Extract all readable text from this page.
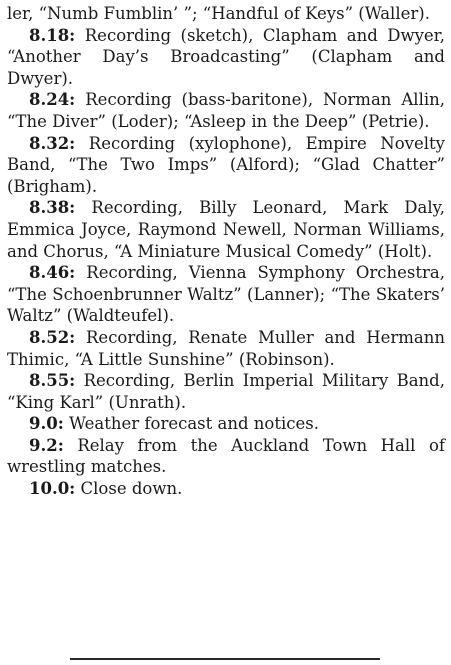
ler, “Numb Fumblin’ ”; “Handful of Keys” (Waller).

8.18: Recording (sketch), Clapham and Dwyer, “Another Day’s Broadcasting” (Clapham and Dwyer).

8.24: Recording (bass-baritone), Norman Allin, “The Diver” (Loder); “Asleep in the Deep” (Petrie).

8.32: Recording (xylophone), Empire Novelty Band, “The Two Imps” (Alford); “Glad Chatter” (Brigham).

8.38: Recording, Billy Leonard, Mark Daly, Emmica Joyce, Raymond Newell, Norman Williams, and Chorus, “A Miniature Musical Comedy” (Holt).

8.46: Recording, Vienna Symphony Orchestra, “The Schoenbrunner Waltz” (Lanner); “The Skaters’ Waltz” (Waldteufel).

8.52: Recording, Renate Muller and Hermann Thimic, “A Little Sunshine” (Robinson).

8.55: Recording, Berlin Imperial Military Band, “King Karl” (Unrath).

9.0: Weather forecast and notices.

9.2: Relay from the Auckland Town Hall of wrestling matches.

10.0: Close down.
